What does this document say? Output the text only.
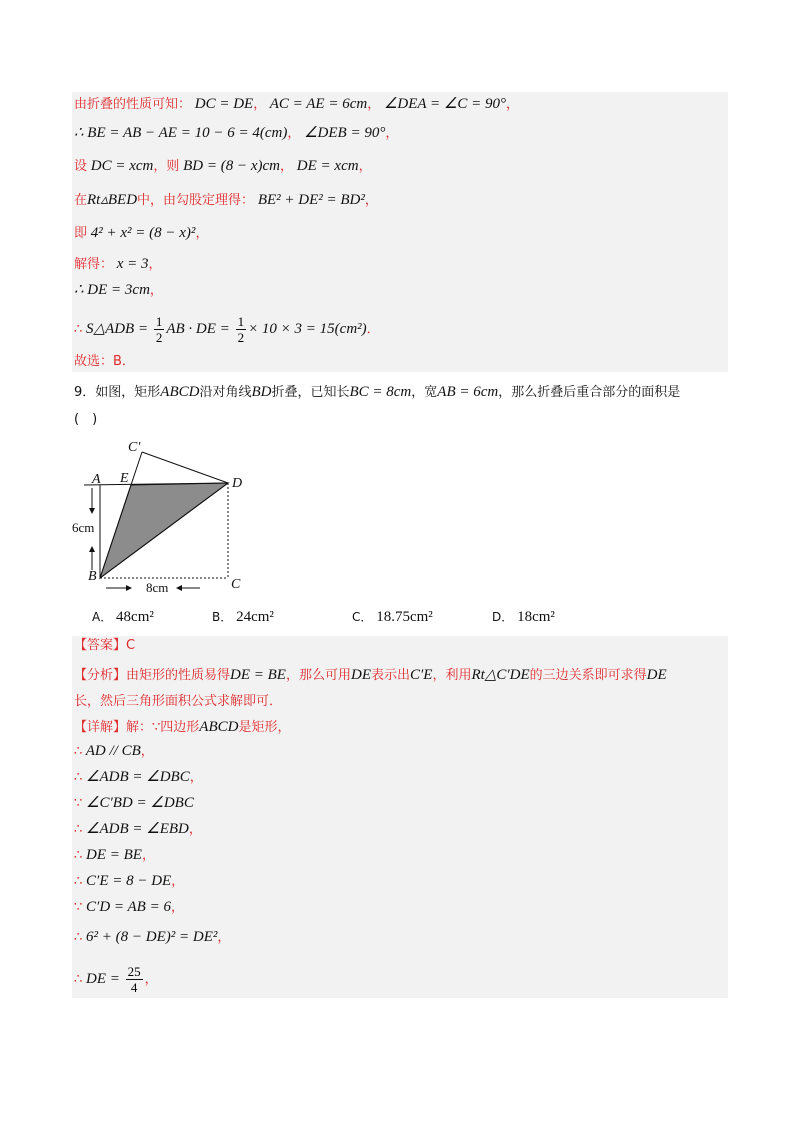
由折叠的性质可知： DC = DE， AC = AE = 6cm， ∠DEA = ∠C = 90°，
∴ BE = AB − AE = 10 − 6 = 4(cm)， ∠DEB = 90°，
设 DC = xcm，则 BD = (8 − x)cm， DE = xcm，
在Rt▵BED中，由勾股定理得： BE² + DE² = BD²，
即 4² + x² = (8 − x)²，
解得： x = 3，
∴ DE = 3cm，
∴ S△ADB = $\frac{1}{2}$ AB · DE = $\frac{1}{2} \times 10 \times 3 = 15(cm^2)$．
故选：B．
9．如图，矩形ABCD沿对角线BD折叠，已知长BC = 8cm，宽AB = 6cm，那么折叠后重合部分的面积是
(　)
【答案】C
【分析】由矩形的性质易得DE = BE，那么可用DE表示出C′E，利用Rt△C′DE的三边关系即可求得DE
长，然后三角形面积公式求解即可．
【详解】解：∵四边形ABCD是矩形，
∴ AD // CB，
∴ ∠ADB = ∠DBC，
∵ ∠C′BD = ∠DBC
∴ ∠ADB = ∠EBD，
∴ DE = BE，
∴ C′E = 8 − DE，
∵ C′D = AB = 6，
∴ 6² + (8 − DE)² = DE²，
∴ DE = $\frac{25}{4}$ ，
A E
C′
D
B
C
6cm
8cm
A． 48cm²	B． 24cm²	C． 18.75cm²	D． 18cm²
